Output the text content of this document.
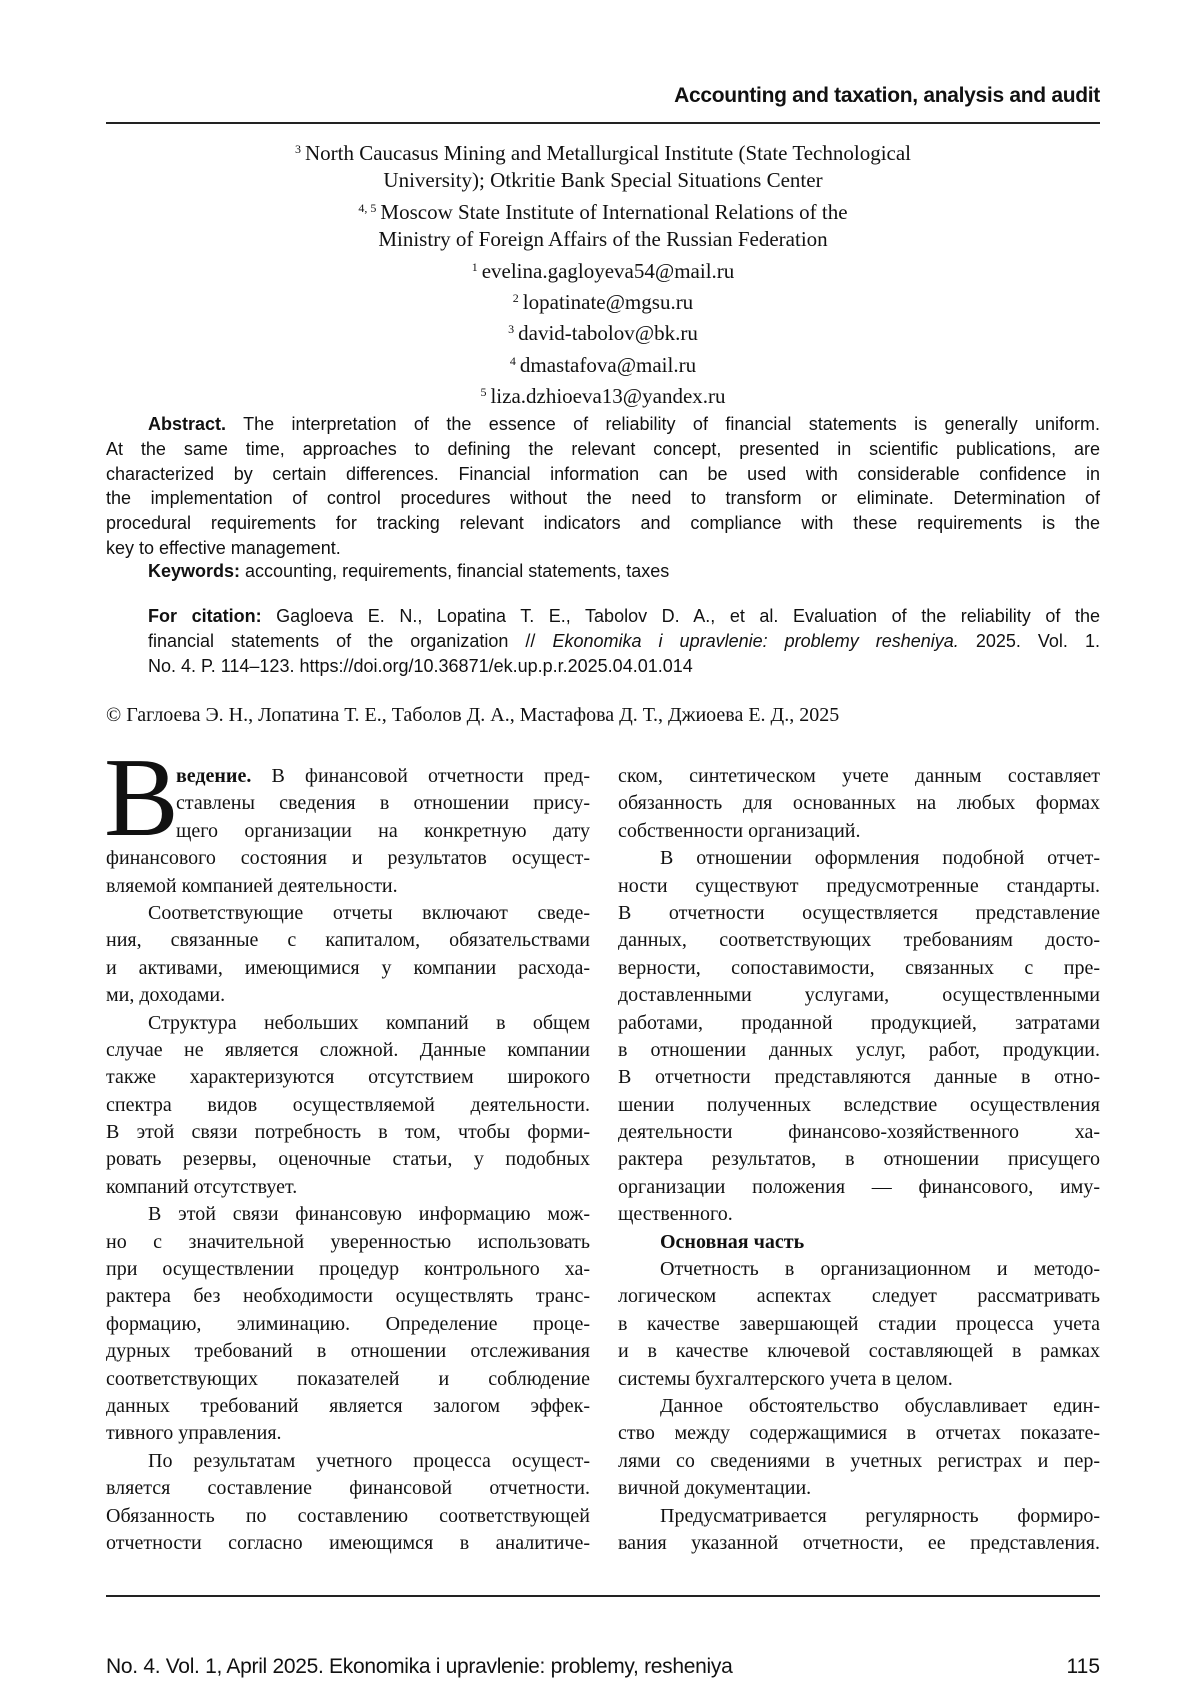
Accounting and taxation, analysis and audit
3 North Caucasus Mining and Metallurgical Institute (State Technological
University); Otkritie Bank Special Situations Center
4, 5 Moscow State Institute of International Relations of the
Ministry of Foreign Affairs of the Russian Federation
1 evelina.gagloyeva54@mail.ru
2 lopatinate@mgsu.ru
3 david-tabolov@bk.ru
4 dmastafova@mail.ru
5 liza.dzhioeva13@yandex.ru
Abstract. The interpretation of the essence of reliability of financial statements is generally uniform.
At the same time, approaches to defining the relevant concept, presented in scientific publications, are
characterized by certain differences. Financial information can be used with considerable confidence in
the implementation of control procedures without the need to transform or eliminate. Determination of
procedural requirements for tracking relevant indicators and compliance with these requirements is the
key to effective management.
Keywords: accounting, requirements, financial statements, taxes
For citation: Gagloeva E. N., Lopatina T. E., Tabolov D. A., et al. Evaluation of the reliability of the
financial statements of the organization // Ekonomika i upravlenie: problemy resheniya. 2025. Vol. 1.
No. 4. P. 114–123. https://doi.org/10.36871/ek.up.p.r.2025.04.01.014
© Гаглоева Э. Н., Лопатина Т. Е., Таболов Д. А., Мастафова Д. Т., Джиоева Е. Д., 2025
В
ведение. В финансовой отчетности пред-
ставлены сведения в отношении прису-
щего организации на конкретную дату
финансового состояния и результатов осущест-
вляемой компанией деятельности.
Соответствующие отчеты включают сведе-
ния, связанные с капиталом, обязательствами
и активами, имеющимися у компании расхода-
ми, доходами.
Структура небольших компаний в общем
случае не является сложной. Данные компании
также характеризуются отсутствием широкого
спектра видов осуществляемой деятельности.
В этой связи потребность в том, чтобы форми-
ровать резервы, оценочные статьи, у подобных
компаний отсутствует.
В этой связи финансовую информацию мож-
но с значительной уверенностью использовать
при осуществлении процедур контрольного ха-
рактера без необходимости осуществлять транс-
формацию, элиминацию. Определение проце-
дурных требований в отношении отслеживания
соответствующих показателей и соблюдение
данных требований является залогом эффек-
тивного управления.
По результатам учетного процесса осущест-
вляется составление финансовой отчетности.
Обязанность по составлению соответствующей
отчетности согласно имеющимся в аналитиче-
ском, синтетическом учете данным составляет
обязанность для основанных на любых формах
собственности организаций.
В отношении оформления подобной отчет-
ности существуют предусмотренные стандарты.
В отчетности осуществляется представление
данных, соответствующих требованиям досто-
верности, сопоставимости, связанных с пре-
доставленными услугами, осуществленными
работами, проданной продукцией, затратами
в отношении данных услуг, работ, продукции.
В отчетности представляются данные в отно-
шении полученных вследствие осуществления
деятельности финансово-хозяйственного ха-
рактера результатов, в отношении присущего
организации положения — финансового, иму-
щественного.
Основная часть
Отчетность в организационном и методо-
логическом аспектах следует рассматривать
в качестве завершающей стадии процесса учета
и в качестве ключевой составляющей в рамках
системы бухгалтерского учета в целом.
Данное обстоятельство обуславливает един-
ство между содержащимися в отчетах показате-
лями со сведениями в учетных регистрах и пер-
вичной документации.
Предусматривается регулярность формиро-
вания указанной отчетности, ее представления.
No. 4. Vol. 1, April 2025. Ekonomika i upravlenie: problemy, resheniya	115
